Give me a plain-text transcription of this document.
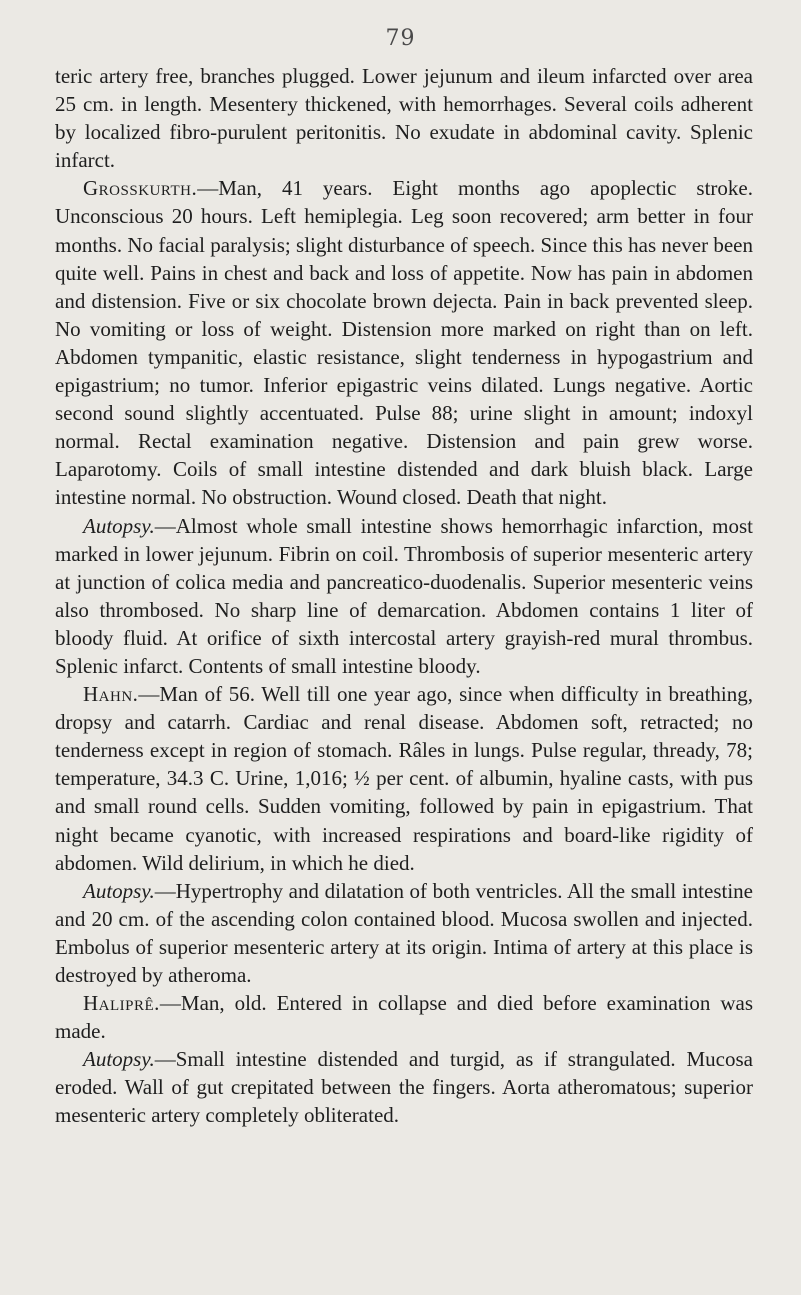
79

teric artery free, branches plugged. Lower jejunum and ileum infarcted over area 25 cm. in length. Mesentery thickened, with hemorrhages. Several coils adherent by localized fibro-purulent peritonitis. No exudate in abdominal cavity. Splenic infarct.

Grosskurth.—Man, 41 years. Eight months ago apoplectic stroke. Unconscious 20 hours. Left hemiplegia. Leg soon recovered; arm better in four months. No facial paralysis; slight disturbance of speech. Since this has never been quite well. Pains in chest and back and loss of appetite. Now has pain in abdomen and distension. Five or six chocolate brown dejecta. Pain in back prevented sleep. No vomiting or loss of weight. Distension more marked on right than on left. Abdomen tympanitic, elastic resistance, slight tenderness in hypogastrium and epigastrium; no tumor. Inferior epigastric veins dilated. Lungs negative. Aortic second sound slightly accentuated. Pulse 88; urine slight in amount; indoxyl normal. Rectal examination negative. Distension and pain grew worse. Laparotomy. Coils of small intestine distended and dark bluish black. Large intestine normal. No obstruction. Wound closed. Death that night.

Autopsy.—Almost whole small intestine shows hemorrhagic infarction, most marked in lower jejunum. Fibrin on coil. Thrombosis of superior mesenteric artery at junction of colica media and pancreatico-duodenalis. Superior mesenteric veins also thrombosed. No sharp line of demarcation. Abdomen contains 1 liter of bloody fluid. At orifice of sixth intercostal artery grayish-red mural thrombus. Splenic infarct. Contents of small intestine bloody.

Hahn.—Man of 56. Well till one year ago, since when difficulty in breathing, dropsy and catarrh. Cardiac and renal disease. Abdomen soft, retracted; no tenderness except in region of stomach. Râles in lungs. Pulse regular, thready, 78; temperature, 34.3 C. Urine, 1,016; ½ per cent. of albumin, hyaline casts, with pus and small round cells. Sudden vomiting, followed by pain in epigastrium. That night became cyanotic, with increased respirations and board-like rigidity of abdomen. Wild delirium, in which he died.

Autopsy.—Hypertrophy and dilatation of both ventricles. All the small intestine and 20 cm. of the ascending colon contained blood. Mucosa swollen and injected. Embolus of superior mesenteric artery at its origin. Intima of artery at this place is destroyed by atheroma.

Haliprê.—Man, old. Entered in collapse and died before examination was made.

Autopsy.—Small intestine distended and turgid, as if strangulated. Mucosa eroded. Wall of gut crepitated between the fingers. Aorta atheromatous; superior mesenteric artery completely obliterated.
